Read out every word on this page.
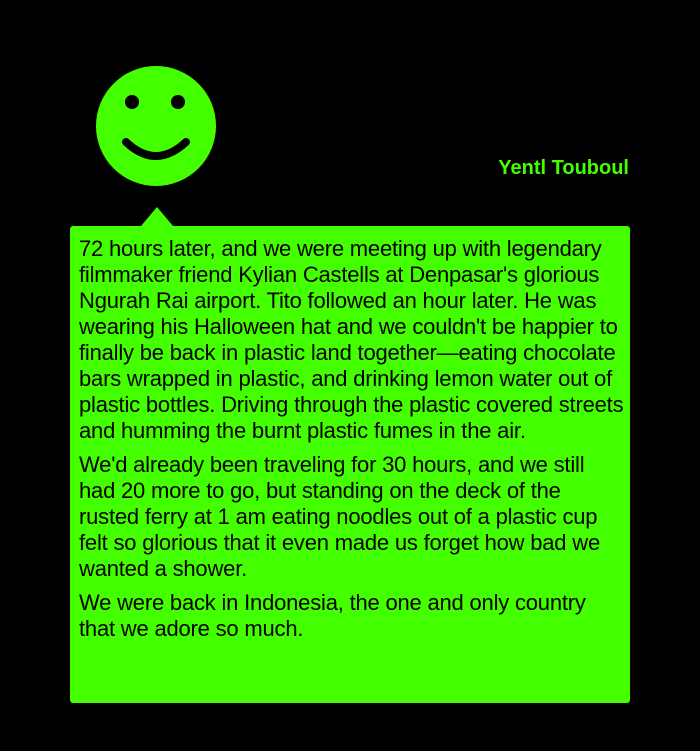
Yentl Touboul

72 hours later, and we were meeting up with legendary filmmaker friend Kylian Castells at Denpasar's glorious Ngurah Rai airport. Tito followed an hour later. He was wearing his Halloween hat and we couldn't be happier to finally be back in plastic land together—eating chocolate bars wrapped in plastic, and drinking lemon water out of plastic bottles. Driving through the plastic covered streets and humming the burnt plastic fumes in the air.

We'd already been traveling for 30 hours, and we still had 20 more to go, but standing on the deck of the rusted ferry at 1 am eating noodles out of a plastic cup felt so glorious that it even made us forget how bad we wanted a shower.

We were back in Indonesia, the one and only country that we adore so much.
